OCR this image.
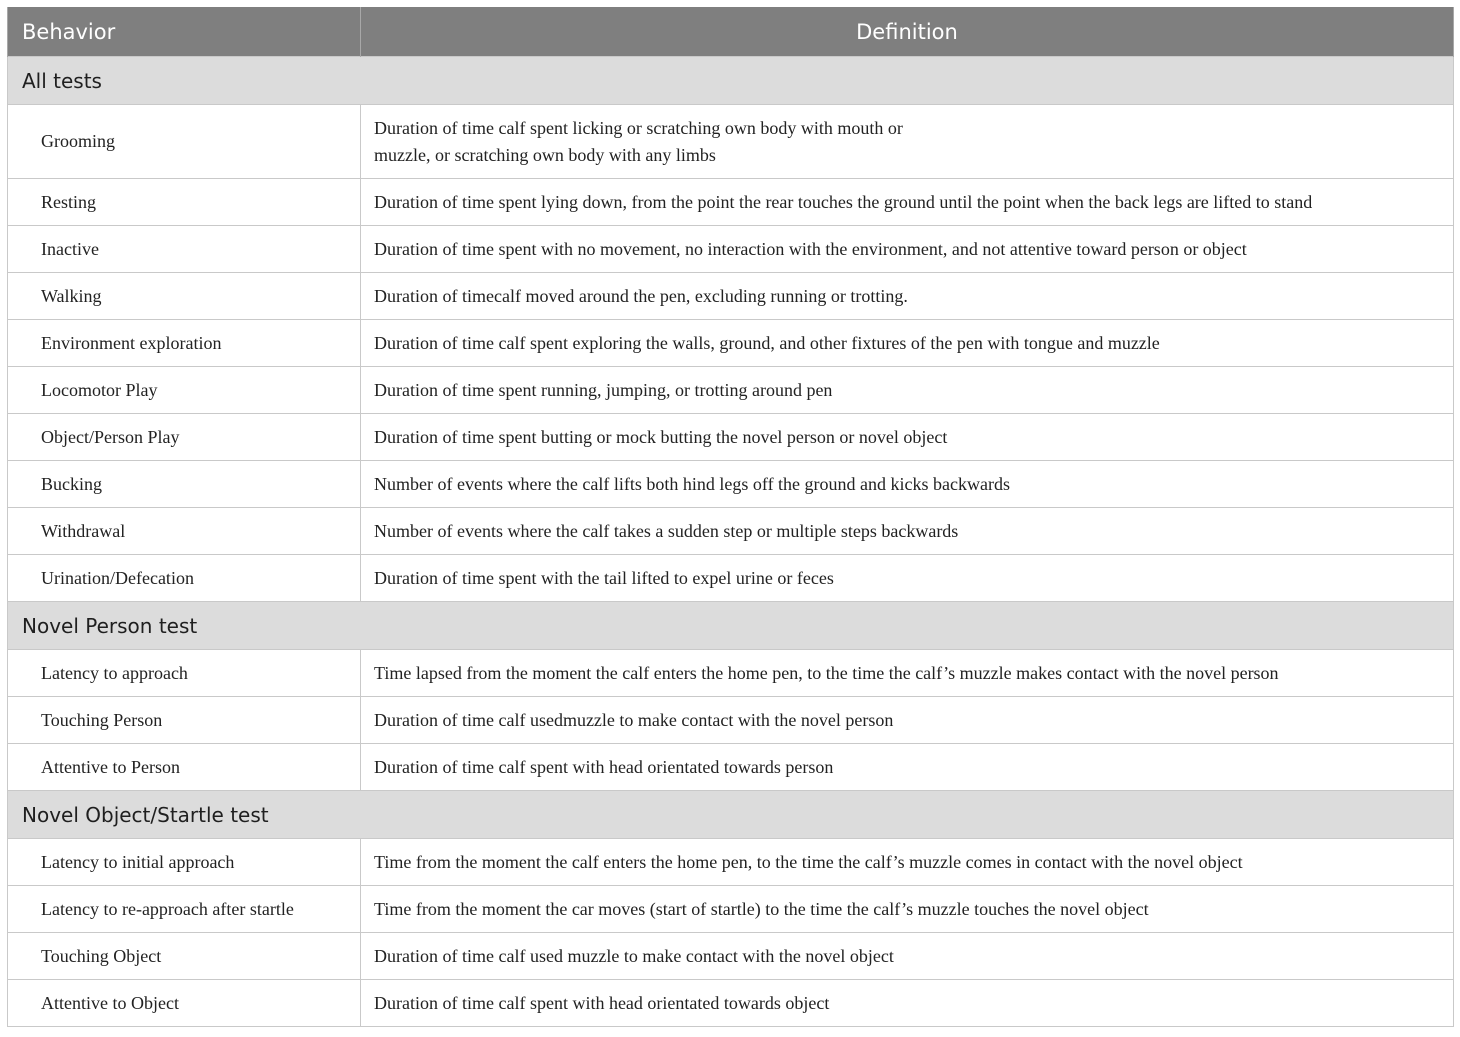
Behavior	Definition
All tests	
Grooming	Duration of time calf spent licking or scratching own body with mouth or
muzzle, or scratching own body with any limbs

Resting	Duration of time spent lying down, from the point the rear touches the ground until the point when the back legs are lifted to stand
Inactive	Duration of time spent with no movement, no interaction with the environment, and not attentive toward person or object
Walking	Duration of timecalf moved around the pen, excluding running or trotting.
Environment exploration	Duration of time calf spent exploring the walls, ground, and other fixtures of the pen with tongue and muzzle
Locomotor Play	Duration of time spent running, jumping, or trotting around pen
Object/Person Play	Duration of time spent butting or mock butting the novel person or novel object
Bucking	Number of events where the calf lifts both hind legs off the ground and kicks backwards
Withdrawal	Number of events where the calf takes a sudden step or multiple steps backwards
Urination/Defecation	Duration of time spent with the tail lifted to expel urine or feces
Novel Person test	
Latency to approach	Time lapsed from the moment the calf enters the home pen, to the time the calf’s muzzle makes contact with the novel person
Touching Person	Duration of time calf usedmuzzle to make contact with the novel person
Attentive to Person	Duration of time calf spent with head orientated towards person
Novel Object/Startle test	
Latency to initial approach	Time from the moment the calf enters the home pen, to the time the calf’s muzzle comes in contact with the novel object
Latency to re-approach after startle	Time from the moment the car moves (start of startle) to the time the calf’s muzzle touches the novel object
Touching Object	Duration of time calf used muzzle to make contact with the novel object
Attentive to Object	Duration of time calf spent with head orientated towards object
